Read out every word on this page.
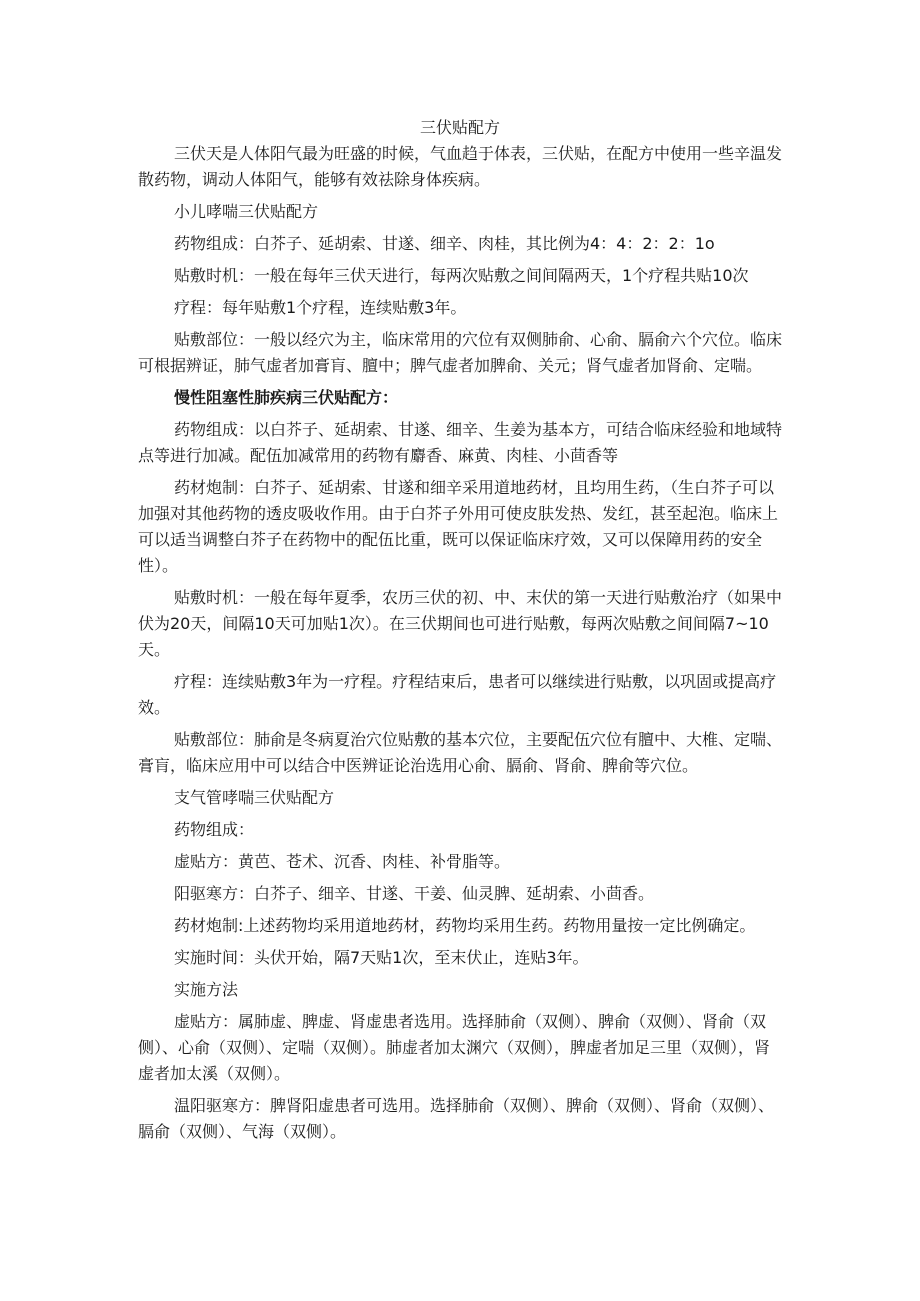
三伏贴配方

三伏天是人体阳气最为旺盛的时候，气血趋于体表，三伏贴，在配方中使用一些辛温发散药物，调动人体阳气，能够有效祛除身体疾病。

小儿哮喘三伏贴配方

药物组成：白芥子、延胡索、甘遂、细辛、肉桂，其比例为4：4：2：2：1o

贴敷时机：一般在每年三伏天进行，每两次贴敷之间间隔两天，1个疗程共贴10次

疗程：每年贴敷1个疗程，连续贴敷3年。

贴敷部位：一般以经穴为主，临床常用的穴位有双侧肺俞、心俞、膈俞六个穴位。临床可根据辨证，肺气虚者加膏肓、膻中；脾气虚者加脾俞、关元；肾气虚者加肾俞、定喘。

慢性阻塞性肺疾病三伏贴配方：

药物组成：以白芥子、延胡索、甘遂、细辛、生姜为基本方，可结合临床经验和地域特点等进行加减。配伍加减常用的药物有麝香、麻黄、肉桂、小茴香等

药材炮制：白芥子、延胡索、甘遂和细辛采用道地药材，且均用生药，（生白芥子可以加强对其他药物的透皮吸收作用。由于白芥子外用可使皮肤发热、发红，甚至起泡。临床上可以适当调整白芥子在药物中的配伍比重，既可以保证临床疗效，又可以保障用药的安全性）。

贴敷时机：一般在每年夏季，农历三伏的初、中、末伏的第一天进行贴敷治疗（如果中伏为20天，间隔10天可加贴1次）。在三伏期间也可进行贴敷，每两次贴敷之间间隔7~10天。

疗程：连续贴敷3年为一疗程。疗程结束后，患者可以继续进行贴敷，以巩固或提高疗效。

贴敷部位：肺俞是冬病夏治穴位贴敷的基本穴位，主要配伍穴位有膻中、大椎、定喘、膏肓，临床应用中可以结合中医辨证论治选用心俞、膈俞、肾俞、脾俞等穴位。

支气管哮喘三伏贴配方

药物组成：

虚贴方：黄芭、苍术、沉香、肉桂、补骨脂等。

阳驱寒方：白芥子、细辛、甘遂、干姜、仙灵脾、延胡索、小茴香。

药材炮制:上述药物均采用道地药材，药物均采用生药。药物用量按一定比例确定。

实施时间：头伏开始，隔7天贴1次，至末伏止，连贴3年。

实施方法

虚贴方：属肺虚、脾虚、肾虚患者选用。选择肺俞（双侧）、脾俞（双侧）、肾俞（双侧）、心俞（双侧）、定喘（双侧）。肺虚者加太渊穴（双侧），脾虚者加足三里（双侧），肾虚者加太溪（双侧）。

温阳驱寒方：脾肾阳虚患者可选用。选择肺俞（双侧）、脾俞（双侧）、肾俞（双侧）、膈俞（双侧）、气海（双侧）。
